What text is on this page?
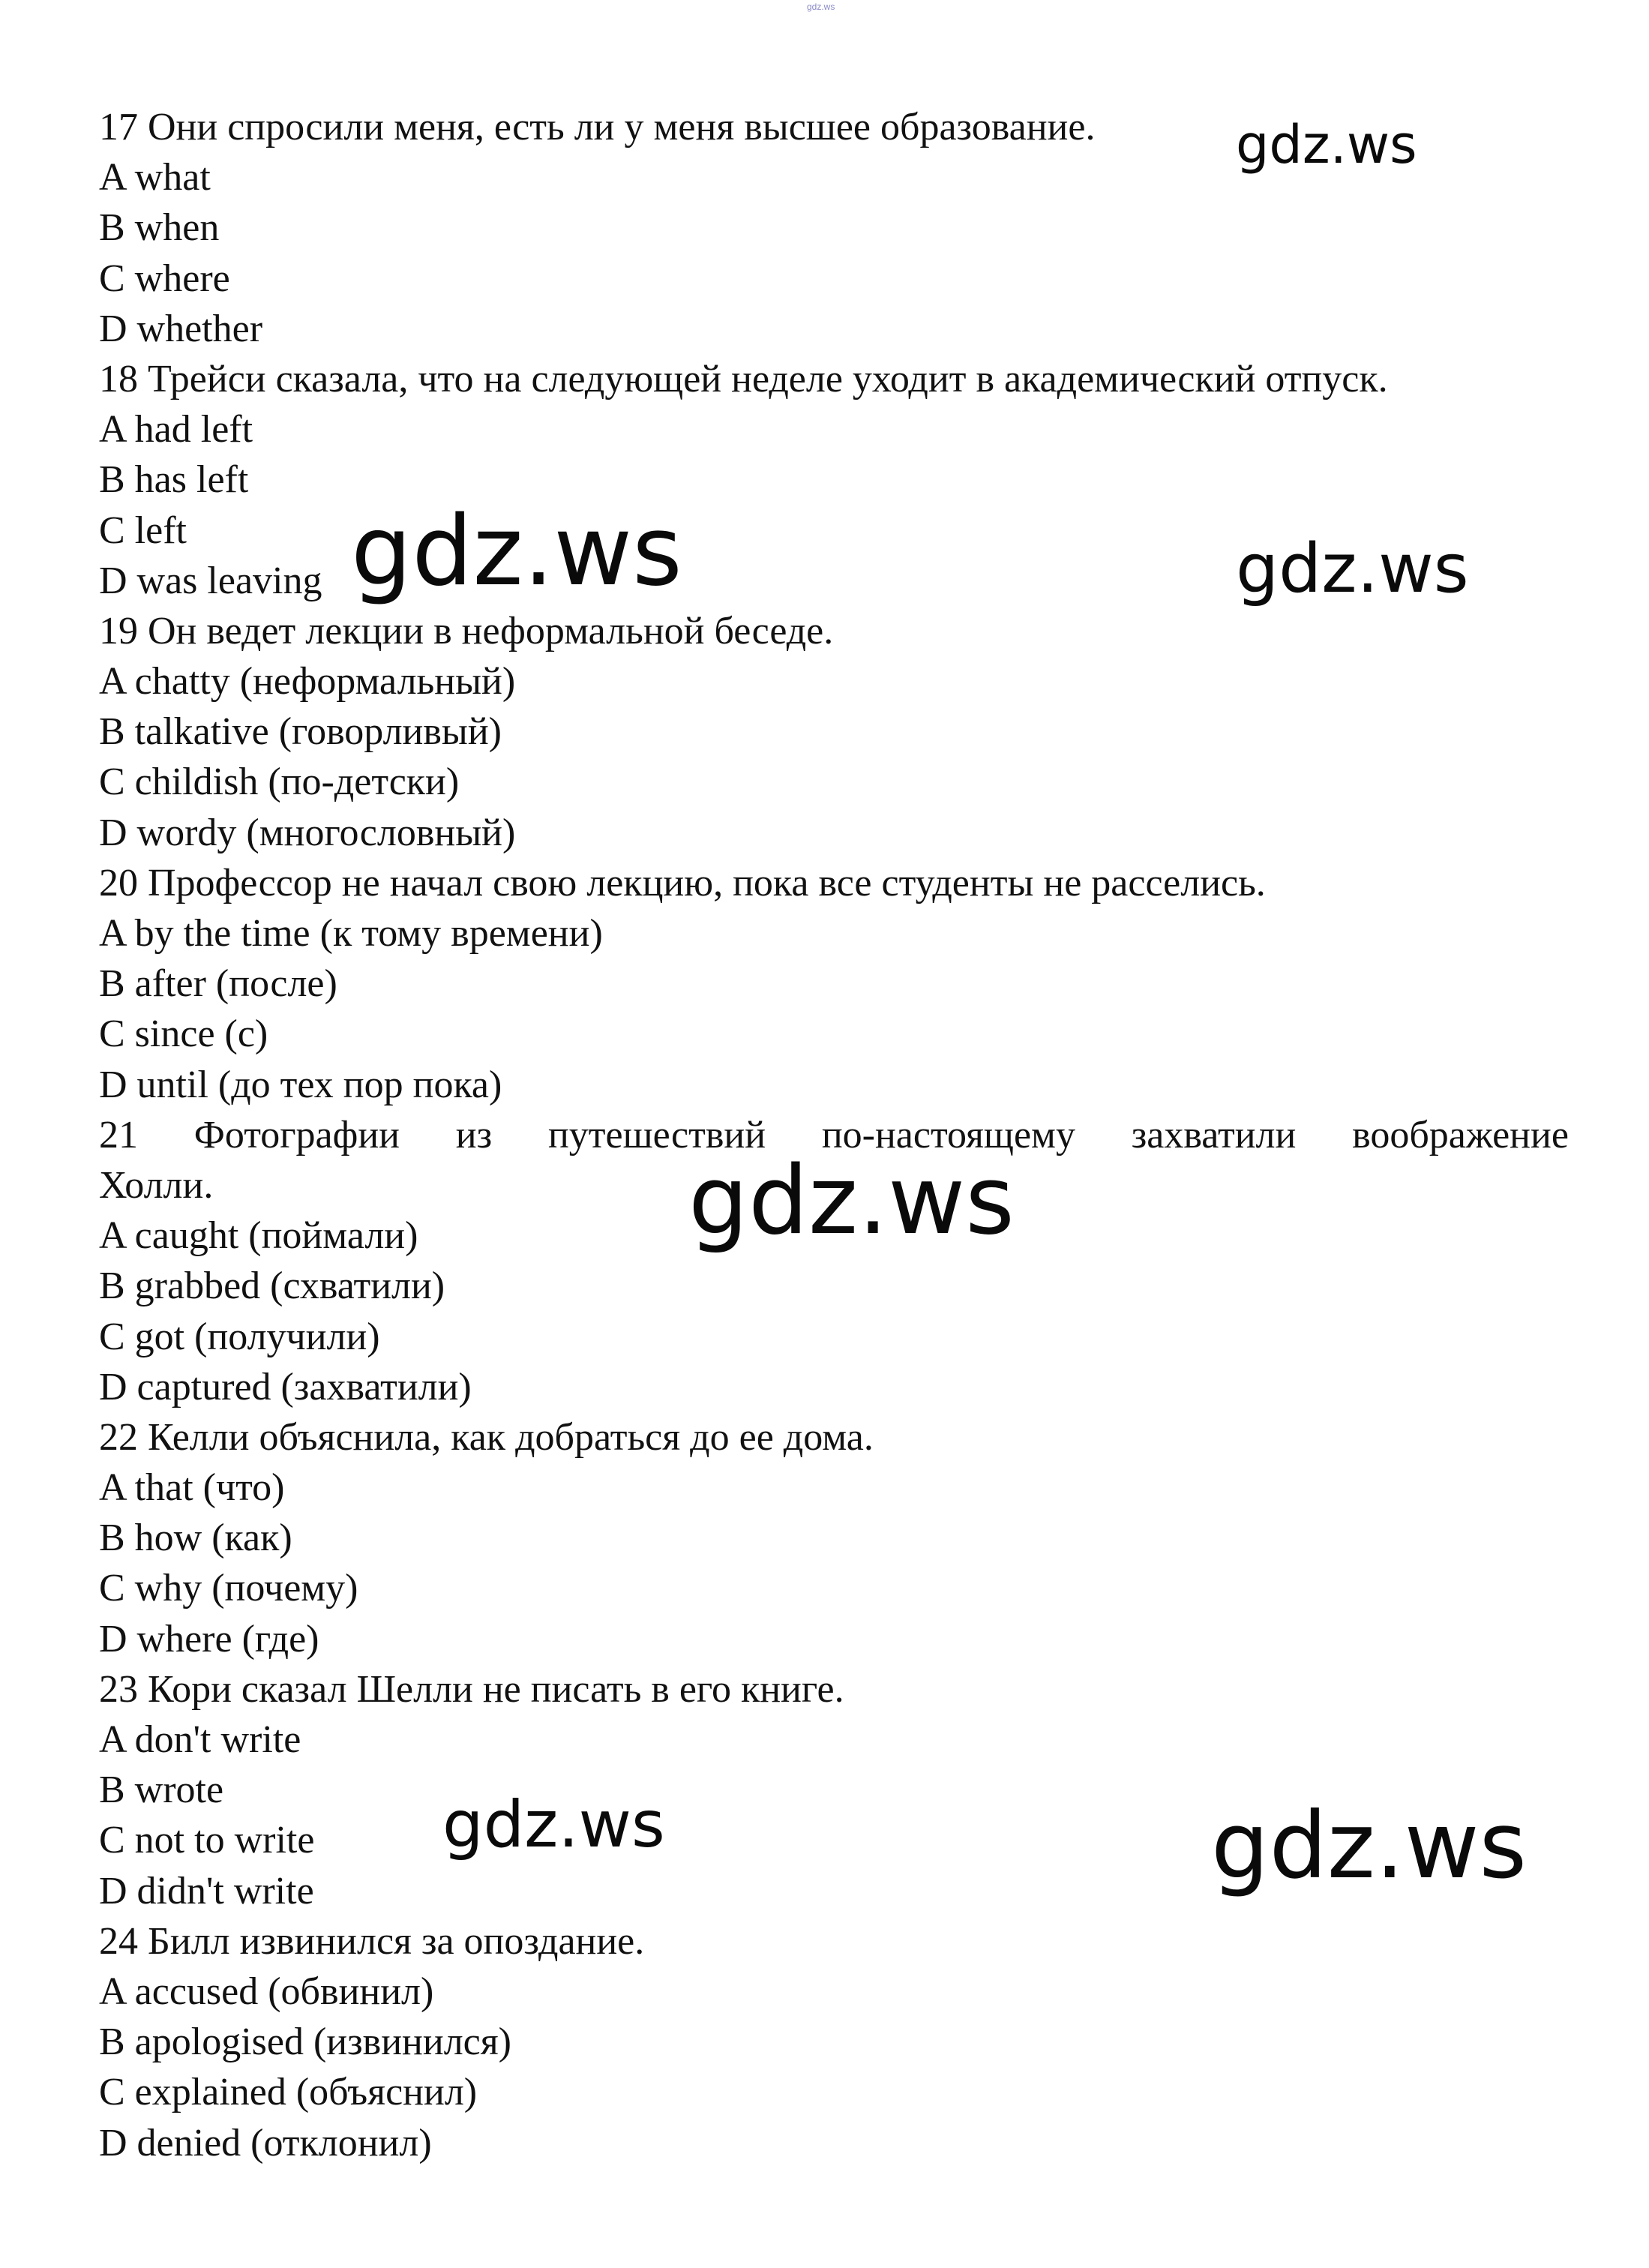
gdz.ws
17 Они спросили меня, есть ли у меня высшее образование.
A what
B when
C where
D whether
18 Трейси сказала, что на следующей неделе уходит в академический отпуск.
A had left
B has left
C left
D was leaving
19 Он ведет лекции в неформальной беседе.
A chatty (неформальный)
B talkative (говорливый)
C childish (по-детски)
D wordy (многословный)
20 Профессор не начал свою лекцию, пока все студенты не расселись.
A by the time (к тому времени)
B after (после)
C since (с)
D until (до тех пор пока)
21 Фотографии из путешествий по-настоящему захватили воображение
Холли.
A caught (поймали)
B grabbed (схватили)
C got (получили)
D captured (захватили)
22 Келли объяснила, как добраться до ее дома.
A that (что)
B how (как)
C why (почему)
D where (где)
23 Кори сказал Шелли не писать в его книге.
A don't write
B wrote
C not to write
D didn't write
24 Билл извинился за опоздание.
A accused (обвинил)
B apologised (извинился)
C explained (объяснил)
D denied (отклонил)
gdz.ws
gdz.ws	gdz.ws
gdz.ws
gdz.ws	gdz.ws
